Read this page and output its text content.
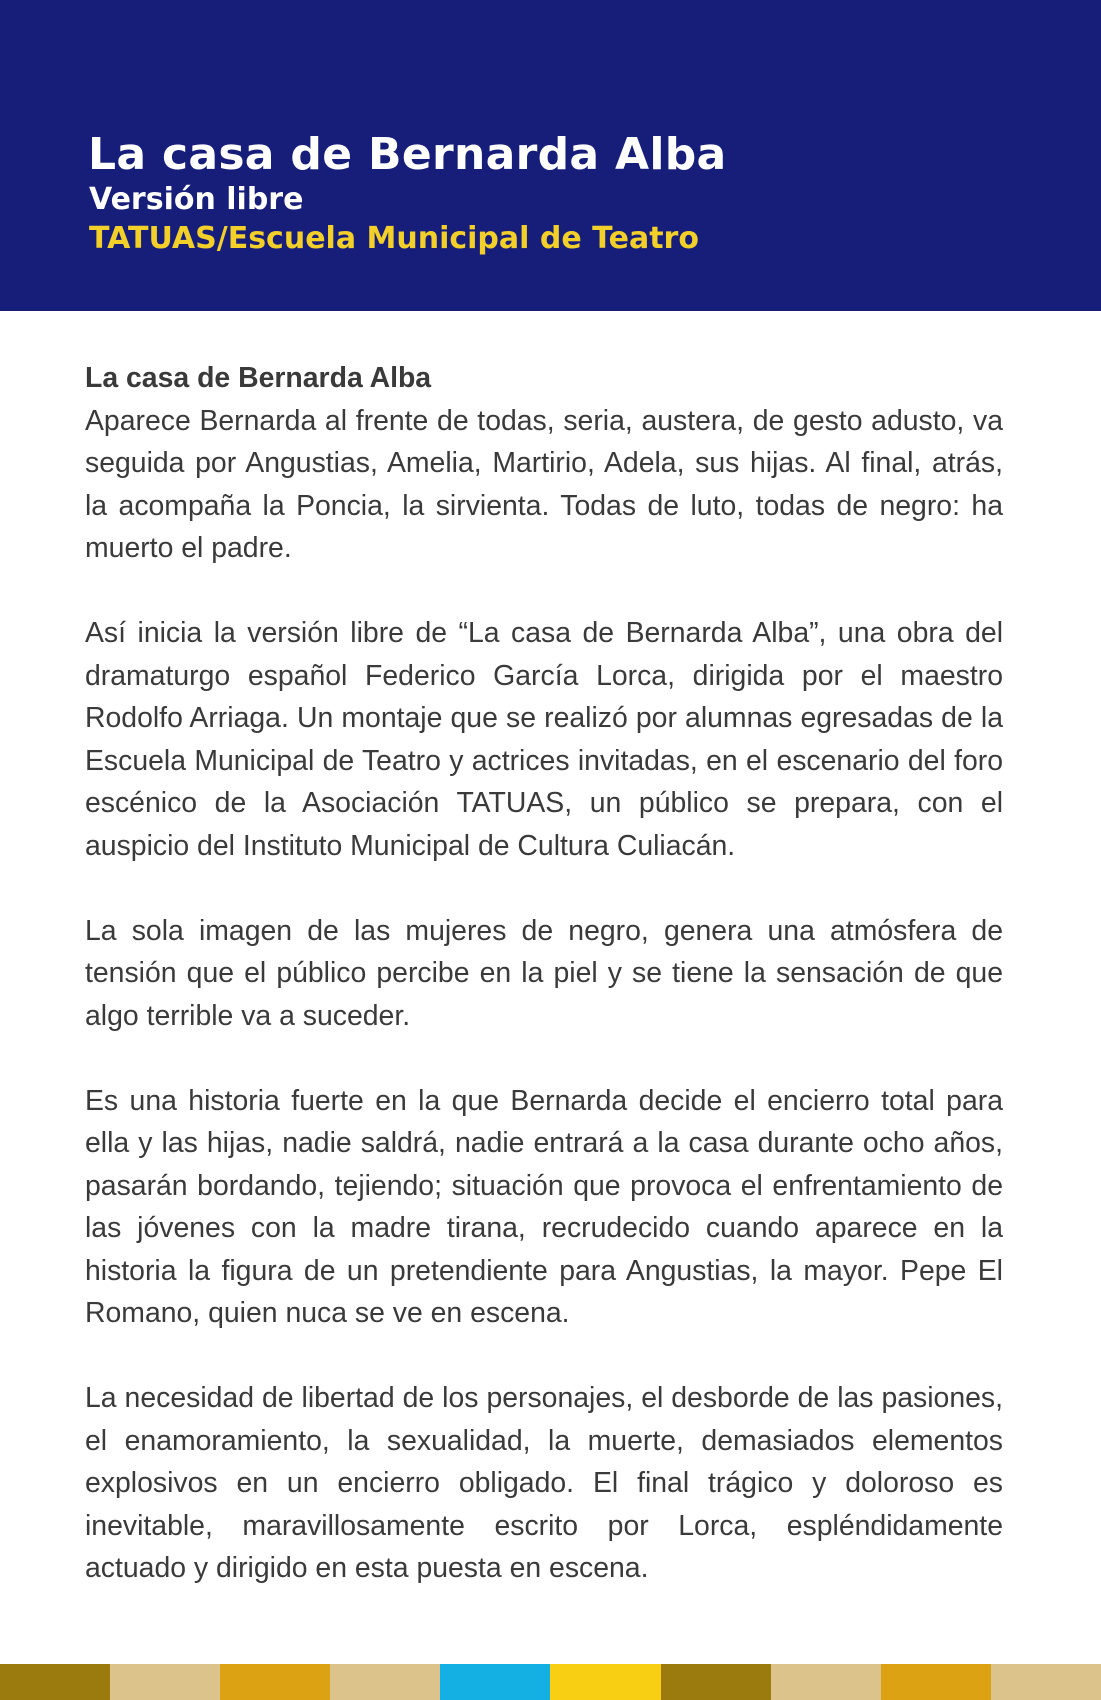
La casa de Bernarda Alba
Versión libre
TATUAS/Escuela Municipal de Teatro
La casa de Bernarda Alba

Aparece Bernarda al frente de todas, seria, austera, de gesto adusto, va seguida por Angustias, Amelia, Martirio, Adela, sus hijas. Al final, atrás, la acompaña la Poncia, la sirvienta. Todas de luto, todas de negro: ha muerto el padre.

Así inicia la versión libre de “La casa de Bernarda Alba”, una obra del dramaturgo español Federico García Lorca, dirigida por el maestro Rodolfo Arriaga. Un montaje que se realizó por alumnas egresadas de la Escuela Municipal de Teatro y actrices invitadas, en el escenario del foro escénico de la Asociación TATUAS, un público se prepara, con el auspicio del Instituto Municipal de Cultura Culiacán.

La sola imagen de las mujeres de negro, genera una atmósfera de tensión que el público percibe en la piel y se tiene la sensación de que algo terrible va a suceder.

Es una historia fuerte en la que Bernarda decide el encierro total para ella y las hijas, nadie saldrá, nadie entrará a la casa durante ocho años, pasarán bordando, tejiendo; situación que provoca el enfrentamiento de las jóvenes con la madre tirana, recrudecido cuando aparece en la historia la figura de un pretendiente para Angustias, la mayor. Pepe El Romano, quien nuca se ve en escena.

La necesidad de libertad de los personajes, el desborde de las pasiones, el enamoramiento, la sexualidad, la muerte, demasiados elementos explosivos en un encierro obligado. El final trágico y doloroso es inevitable, maravillosamente escrito por Lorca, espléndidamente actuado y dirigido en esta puesta en escena.
